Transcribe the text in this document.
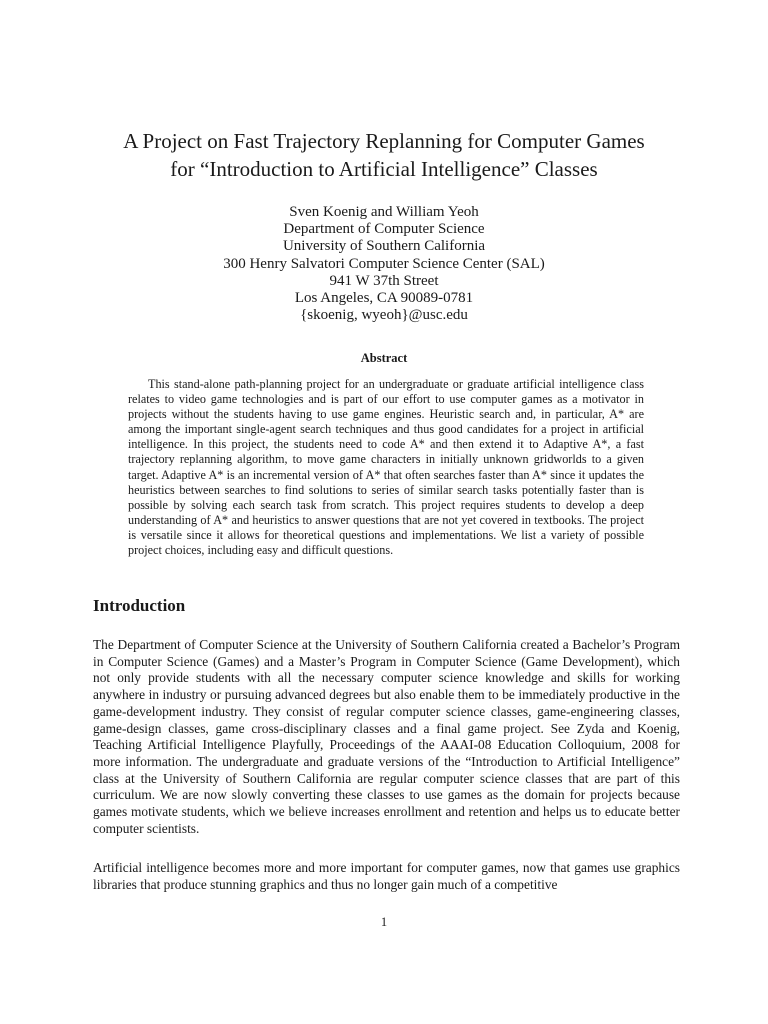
A Project on Fast Trajectory Replanning for Computer Games
for “Introduction to Artificial Intelligence” Classes
Sven Koenig and William Yeoh
Department of Computer Science
University of Southern California
300 Henry Salvatori Computer Science Center (SAL)
941 W 37th Street
Los Angeles, CA 90089-0781
{skoenig, wyeoh}@usc.edu
Abstract

This stand-alone path-planning project for an undergraduate or graduate artificial intelligence class relates to video game technologies and is part of our effort to use computer games as a motivator in projects without the students having to use game engines. Heuristic search and, in particular, A* are among the important single-agent search techniques and thus good candidates for a project in artificial intelligence. In this project, the students need to code A* and then extend it to Adaptive A*, a fast trajectory replanning algorithm, to move game characters in initially unknown gridworlds to a given target. Adaptive A* is an incremental version of A* that often searches faster than A* since it updates the heuristics between searches to find solutions to series of similar search tasks potentially faster than is possible by solving each search task from scratch. This project requires students to develop a deep understanding of A* and heuristics to answer questions that are not yet covered in textbooks. The project is versatile since it allows for theoretical questions and implementations. We list a variety of possible project choices, including easy and difficult questions.

Introduction

The Department of Computer Science at the University of Southern California created a Bachelor’s Program in Computer Science (Games) and a Master’s Program in Computer Science (Game Development), which not only provide students with all the necessary computer science knowledge and skills for working anywhere in industry or pursuing advanced degrees but also enable them to be immediately productive in the game-development industry. They consist of regular computer science classes, game-engineering classes, game-design classes, game cross-disciplinary classes and a final game project. See Zyda and Koenig, Teaching Artificial Intelligence Playfully, Proceedings of the AAAI-08 Education Colloquium, 2008 for more information. The undergraduate and graduate versions of the “Introduction to Artificial Intelligence” class at the University of Southern California are regular computer science classes that are part of this curriculum. We are now slowly converting these classes to use games as the domain for projects because games motivate students, which we believe increases enrollment and retention and helps us to educate better computer scientists.

Artificial intelligence becomes more and more important for computer games, now that games use graphics libraries that produce stunning graphics and thus no longer gain much of a competitive

1
